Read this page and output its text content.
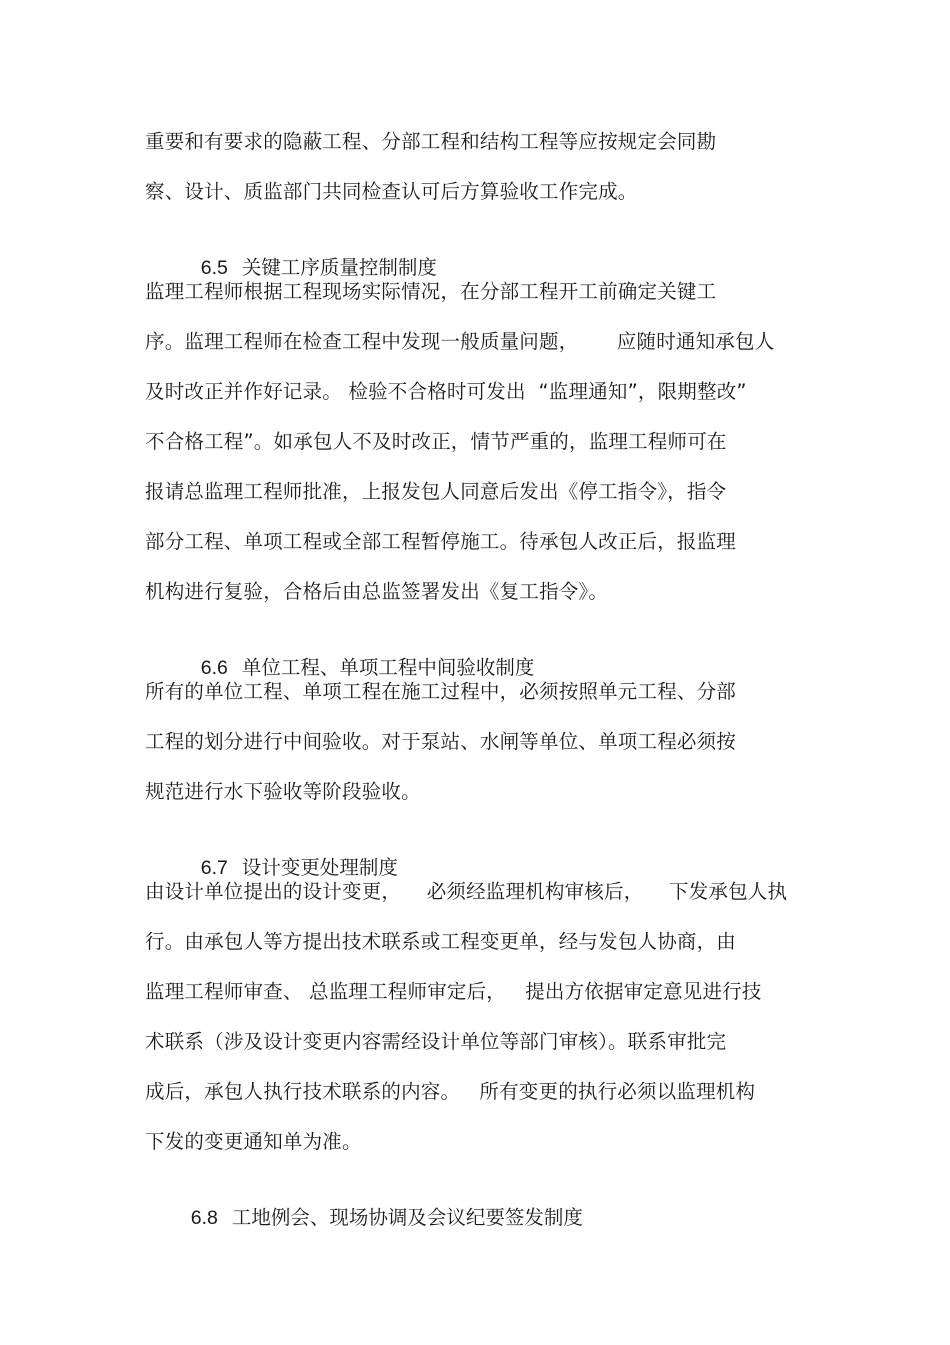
重要和有要求的隐蔽工程、分部工程和结构工程等应按规定会同勘
察、设计、质监部门共同检查认可后方算验收工作完成。

6.5 关键工序质量控制制度

监理工程师根据工程现场实际情况，在分部工程开工前确定关键工
序。监理工程师在检查工程中发现一般质量问题，      应随时通知承包人
及时改正并作好记录。 检验不合格时可发出  “监理通知”，限期整改”
不合格工程”。如承包人不及时改正，情节严重的，监理工程师可在
报请总监理工程师批准，上报发包人同意后发出《停工指令》，指令
部分工程、单项工程或全部工程暂停施工。待承包人改正后，报监理
机构进行复验，合格后由总监签署发出《复工指令》。

6.6 单位工程、单项工程中间验收制度

所有的单位工程、单项工程在施工过程中，必须按照单元工程、分部
工程的划分进行中间验收。对于泵站、水闸等单位、单项工程必须按
规范进行水下验收等阶段验收。

6.7 设计变更处理制度

由设计单位提出的设计变更，    必须经监理机构审核后，    下发承包人执
行。由承包人等方提出技术联系或工程变更单，经与发包人协商，由
监理工程师审查、 总监理工程师审定后，   提出方依据审定意见进行技
术联系（涉及设计变更内容需经设计单位等部门审核）。联系审批完
成后，承包人执行技术联系的内容。   所有变更的执行必须以监理机构
下发的变更通知单为准。

6.8 工地例会、现场协调及会议纪要签发制度
